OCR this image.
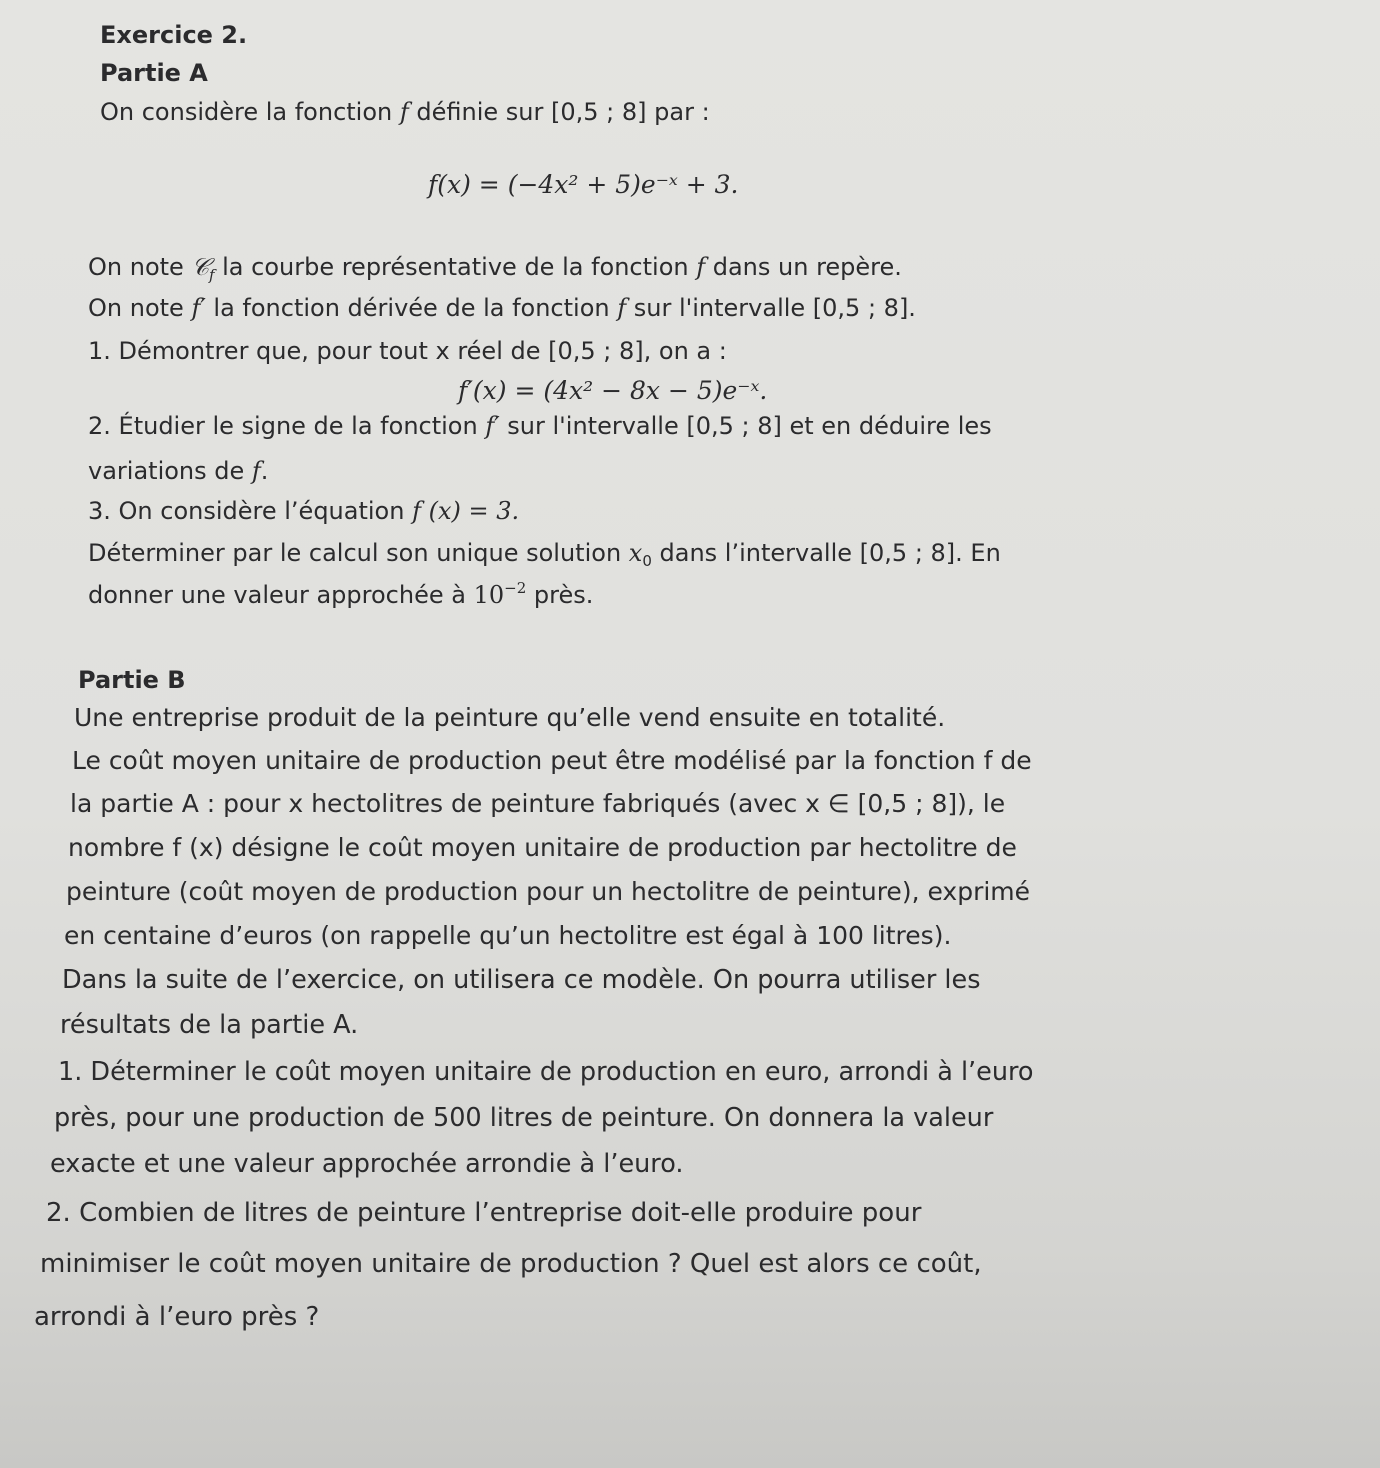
Exercice 2.
Partie A
On considère la fonction f définie sur [0,5 ; 8] par :
f(x) = (−4x² + 5)e⁻ˣ + 3.
On note 𝒞$_f$ la courbe représentative de la fonction f dans un repère.
On note f′ la fonction dérivée de la fonction f sur l'intervalle [0,5 ; 8].
1. Démontrer que, pour tout x réel de [0,5 ; 8], on a :
f′(x) = (4x² − 8x − 5)e⁻ˣ.
2. Étudier le signe de la fonction f′ sur l'intervalle [0,5 ; 8] et en déduire les
variations de f.
3. On considère l’équation f (x) = 3.
Déterminer par le calcul son unique solution $x_0$ dans l’intervalle [0,5 ; 8]. En
donner une valeur approchée à $10^{-2}$ près.
Partie B
Une entreprise produit de la peinture qu’elle vend ensuite en totalité.
Le coût moyen unitaire de production peut être modélisé par la fonction f de
la partie A : pour x hectolitres de peinture fabriqués (avec x ∈ [0,5 ; 8]), le
nombre f (x) désigne le coût moyen unitaire de production par hectolitre de
peinture (coût moyen de production pour un hectolitre de peinture), exprimé
en centaine d’euros (on rappelle qu’un hectolitre est égal à 100 litres).
Dans la suite de l’exercice, on utilisera ce modèle. On pourra utiliser les
résultats de la partie A.
1. Déterminer le coût moyen unitaire de production en euro, arrondi à l’euro
près, pour une production de 500 litres de peinture. On donnera la valeur
exacte et une valeur approchée arrondie à l’euro.
2. Combien de litres de peinture l’entreprise doit-elle produire pour
minimiser le coût moyen unitaire de production ? Quel est alors ce coût,
arrondi à l’euro près ?
